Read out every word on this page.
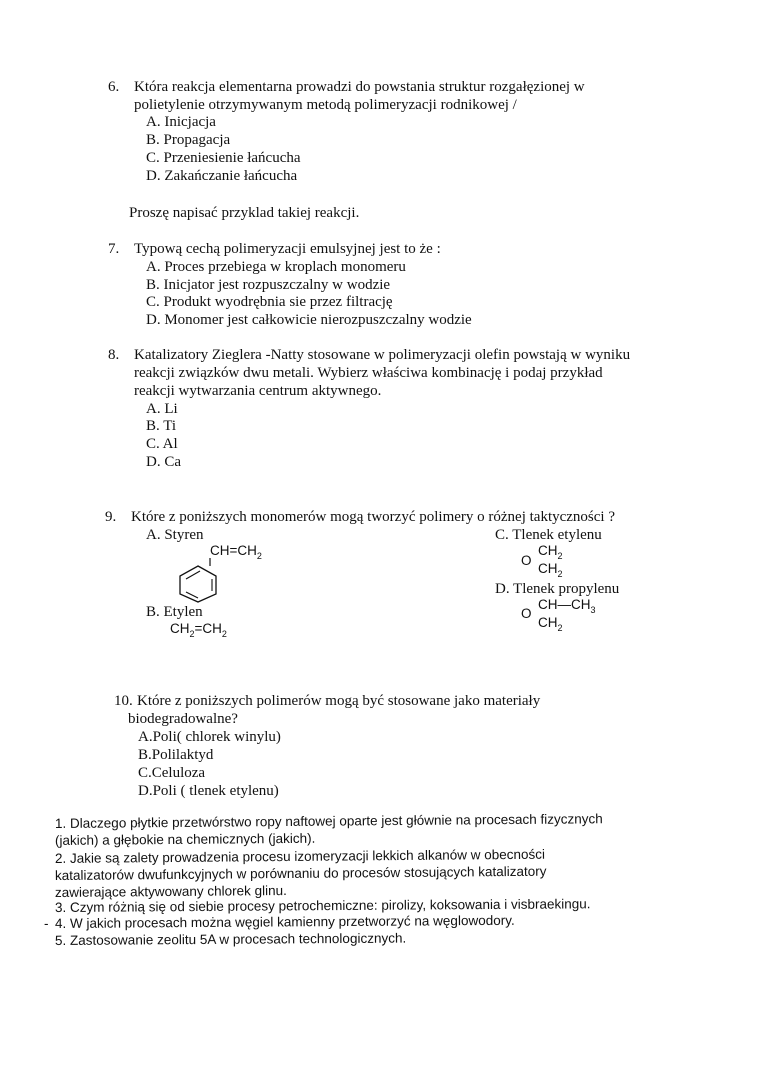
6. Która reakcja elementarna prowadzi do powstania struktur rozgałęzionej w
polietylenie otrzymywanym metodą polimeryzacji rodnikowej /
A. Inicjacja
B. Propagacja
C. Przeniesienie łańcucha
D. Zakańczanie łańcucha
Proszę napisać przyklad takiej reakcji.
7. Typową cechą polimeryzacji emulsyjnej jest to że :
A. Proces przebiega w kroplach monomeru
B. Inicjator jest rozpuszczalny w wodzie
C. Produkt wyodrębnia sie przez filtrację
D. Monomer jest całkowicie nierozpuszczalny wodzie
8. Katalizatory Zieglera -Natty stosowane w polimeryzacji olefin powstają w wyniku
reakcji związków dwu metali. Wybierz właściwa kombinację i podaj przykład
reakcji wytwarzania centrum aktywnego.
A. Li
B. Ti
C. Al
D. Ca
9. Które z poniższych monomerów mogą tworzyć polimery o różnej taktyczności ?
A. Styren
$CH=CH_2$
B. Etylen
$CH_2=CH_2$
C. Tlenek etylenu
$CH_2$
O
$CH_2$
D. Tlenek propylenu
$CH—CH_3$
O
$CH_2$
10. Które z poniższych polimerów mogą być stosowane jako materiały
biodegradowalne?
A.Poli( chlorek winylu)
B.Polilaktyd
C.Celuloza
D.Poli ( tlenek etylenu)
1. Dlaczego płytkie przetwórstwo ropy naftowej oparte jest głównie na procesach fizycznych
(jakich) a głębokie na chemicznych (jakich).
2. Jakie są zalety prowadzenia procesu izomeryzacji lekkich alkanów w obecności
katalizatorów dwufunkcyjnych w porównaniu do procesów stosujących katalizatory
zawierające aktywowany chlorek glinu.
3. Czym różnią się od siebie procesy petrochemiczne: pirolizy, koksowania i visbraekingu.
- 4. W jakich procesach można węgiel kamienny przetworzyć na węglowodory.
5. Zastosowanie zeolitu 5A w procesach technologicznych.
